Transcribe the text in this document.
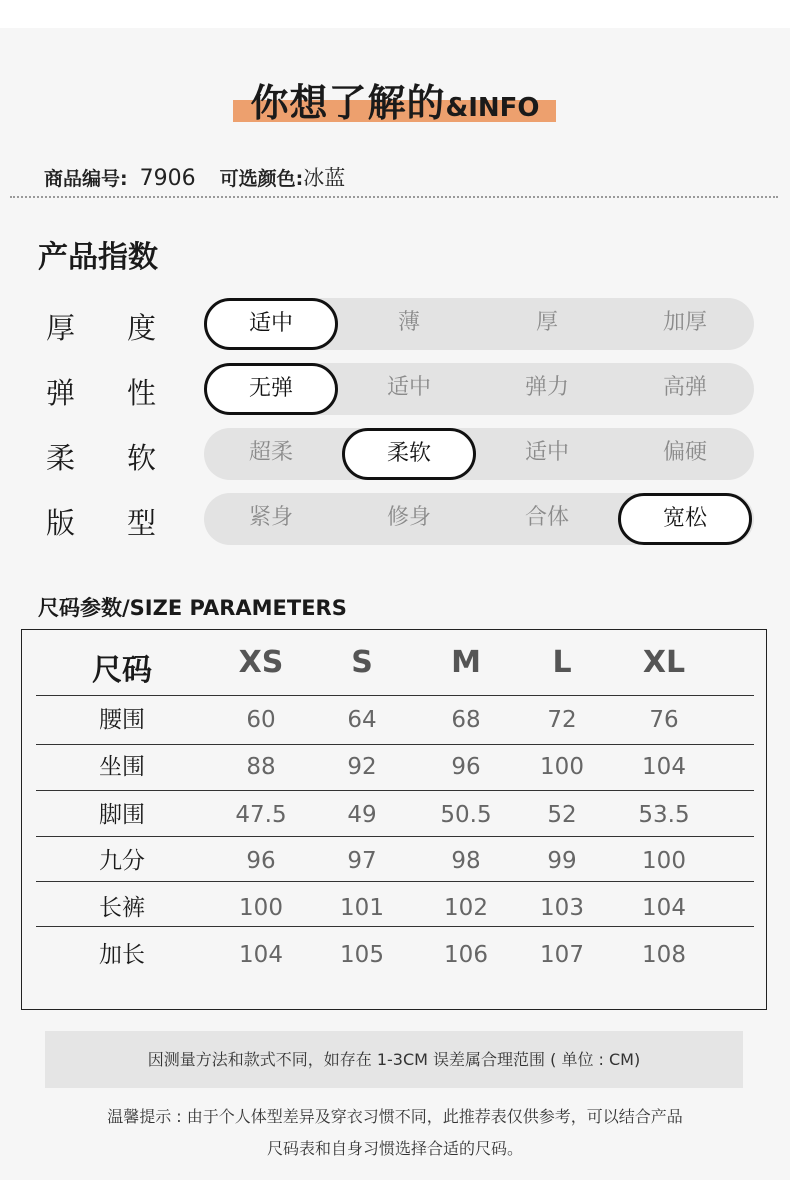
你想了解的&INFO
商品编号: 7906 可选颜色:冰蓝
产品指数
厚 度	适中	薄	厚	加厚
弹 性	无弹	适中	弹力	高弹
柔 软	超柔	柔软	适中	偏硬
版 型	紧身	修身	合体	宽松
尺码参数/SIZE PARAMETERS
尺码	XS	S	M	L	XL
腰围	60	64	68	72	76
坐围	88	92	96	100	104
脚围	47.5	49	50.5	52	53.5
九分	96	97	98	99	100
长裤	100	101	102	103	104
加长	104	105	106	107	108
因测量方法和款式不同，如存在 1-3CM 误差属合理范围 ( 单位 : CM)
温馨提示 : 由于个人体型差异及穿衣习惯不同，此推荐表仅供参考，可以结合产品
尺码表和自身习惯选择合适的尺码。
